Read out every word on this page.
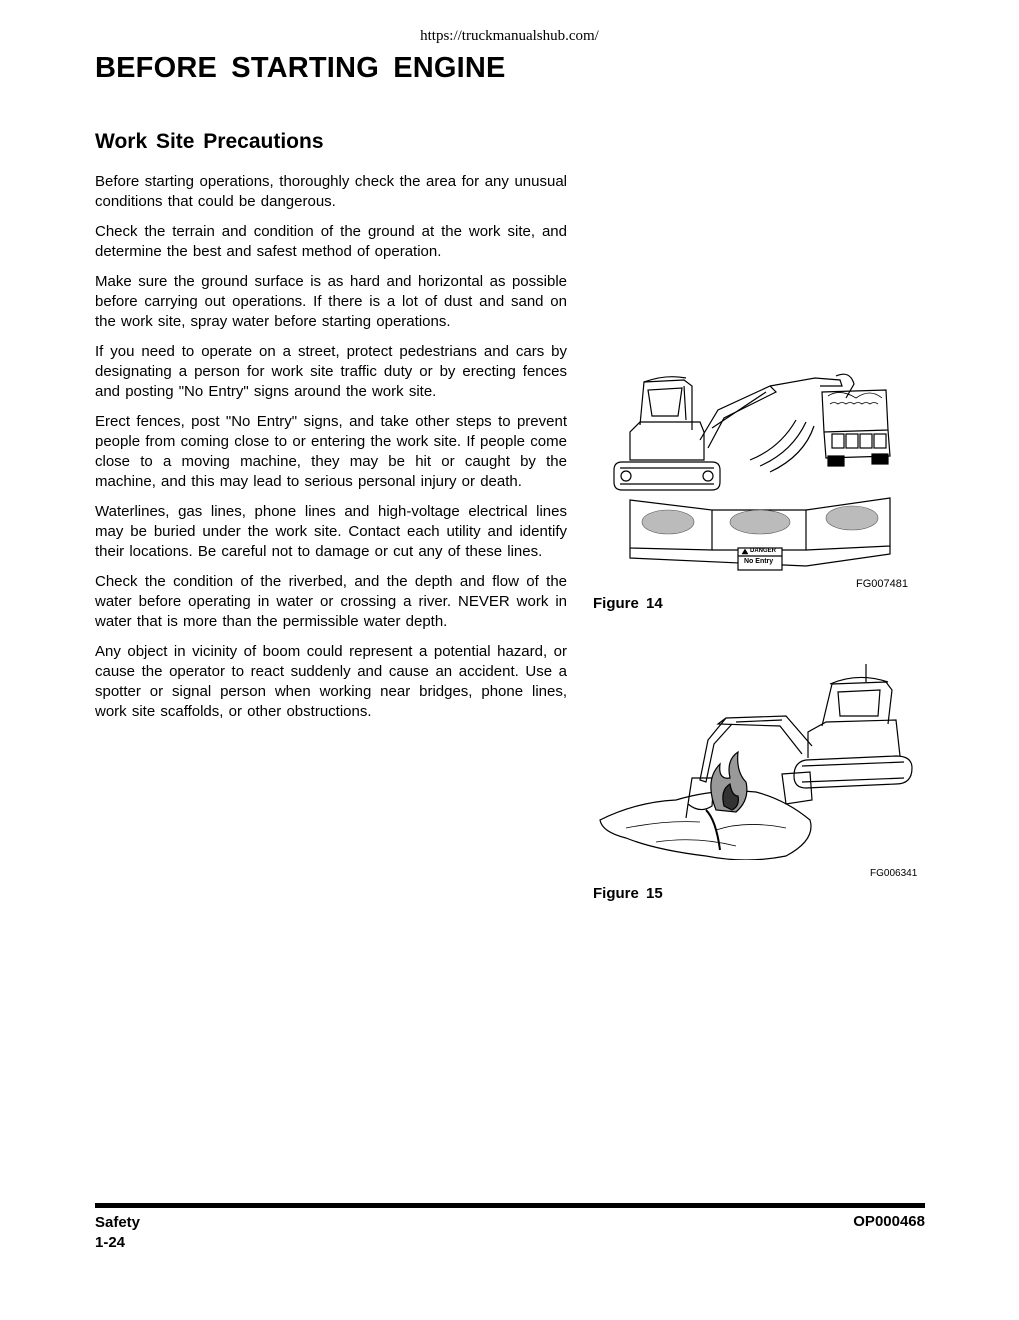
https://truckmanualshub.com/
BEFORE STARTING ENGINE
Work Site Precautions

Before starting operations, thoroughly check the area for any unusual conditions that could be dangerous.

Check the terrain and condition of the ground at the work site, and determine the best and safest method of operation.

Make sure the ground surface is as hard and horizontal as possible before carrying out operations. If there is a lot of dust and sand on the work site, spray water before starting operations.

If you need to operate on a street, protect pedestrians and cars by designating a person for work site traffic duty or by erecting fences and posting "No Entry" signs around the work site.

Erect fences, post "No Entry" signs, and take other steps to prevent people from coming close to or entering the work site. If people come close to a moving machine, they may be hit or caught by the machine, and this may lead to serious personal injury or death.

Waterlines, gas lines, phone lines and high-voltage electrical lines may be buried under the work site. Contact each utility and identify their locations. Be careful not to damage or cut any of these lines.

Check the condition of the riverbed, and the depth and flow of the water before operating in water or crossing a river. NEVER work in water that is more than the permissible water depth.

Any object in vicinity of boom could represent a potential hazard, or cause the operator to react suddenly and cause an accident. Use a spotter or signal person when working near bridges, phone lines, work site scaffolds, or other obstructions.

DANGER
No Entry
FG007481
Figure 14
FG006341
Figure 15
Safety
1-24
OP000468
